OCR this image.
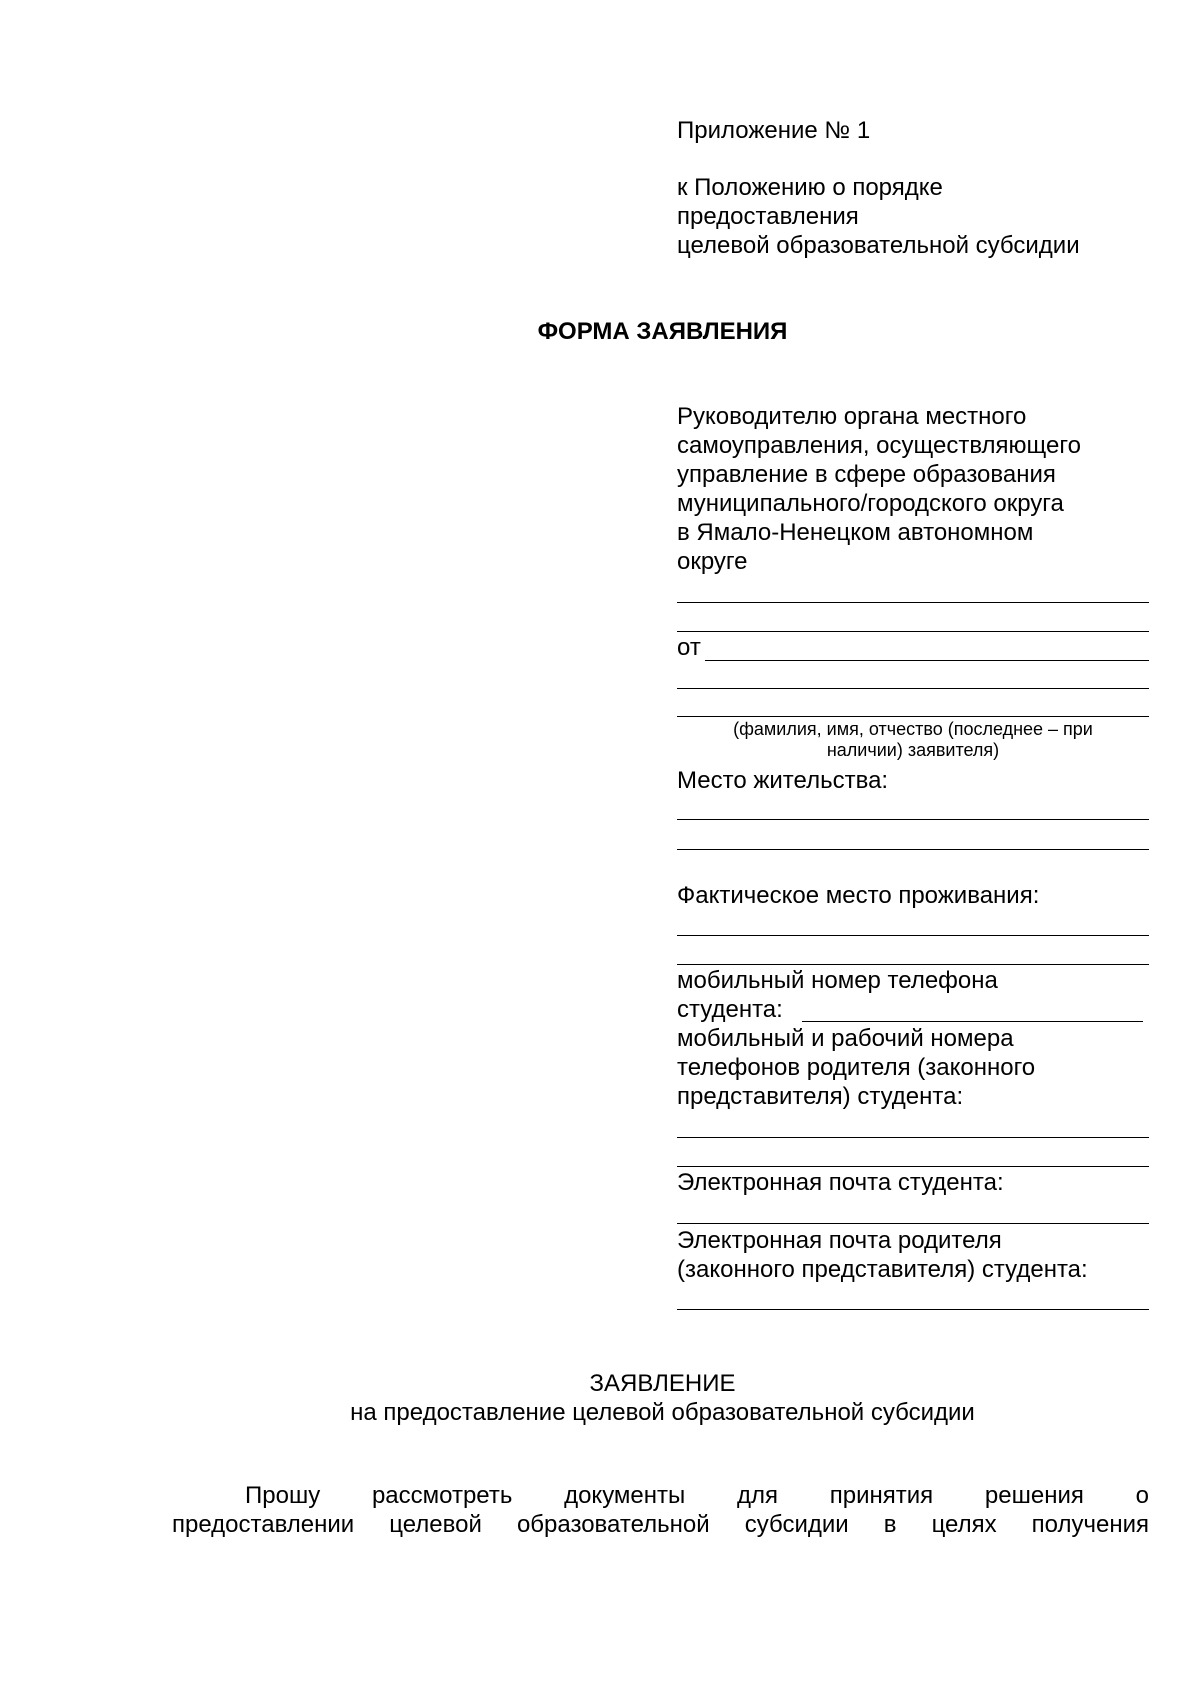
Приложение № 1
к Положению о порядке
предоставления
целевой образовательной субсидии
ФОРМА ЗАЯВЛЕНИЯ
Руководителю органа местного
самоуправления, осуществляющего
управление в сфере образования
муниципального/городского округа
в Ямало-Ненецком автономном
округе
от
(фамилия, имя, отчество (последнее – при
наличии) заявителя)
Место жительства:
Фактическое место проживания:
мобильный номер телефона
студента:
мобильный и рабочий номера
телефонов родителя (законного
представителя) студента:
Электронная почта студента:
Электронная почта родителя
(законного представителя) студента:
ЗАЯВЛЕНИЕ
на предоставление целевой образовательной субсидии
Прошу рассмотреть документы для принятия решения о
предоставлении целевой образовательной субсидии в целях получения
